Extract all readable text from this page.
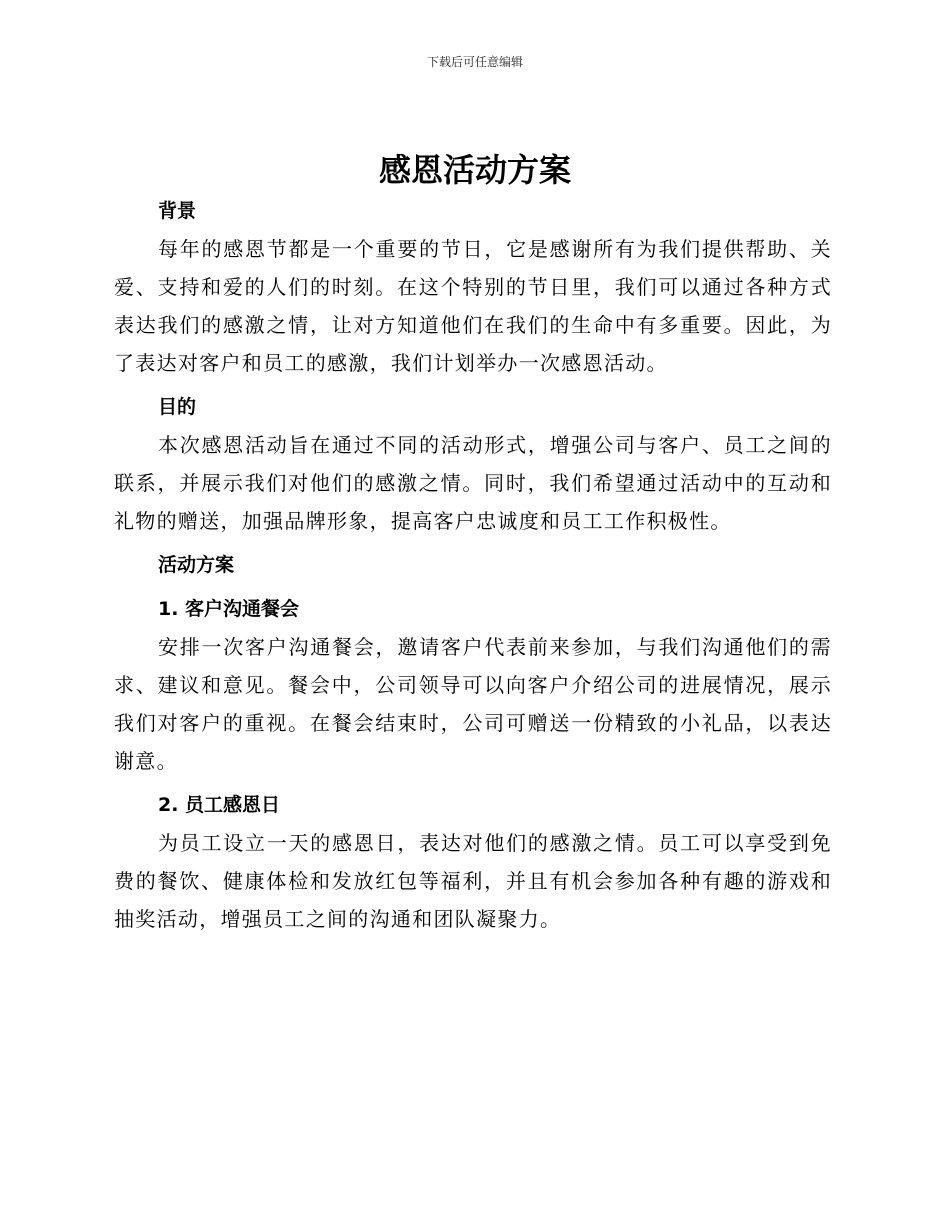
下载后可任意编辑
感恩活动方案
背景

每年的感恩节都是一个重要的节日，它是感谢所有为我们提供帮助、关爱、支持和爱的人们的时刻。在这个特别的节日里，我们可以通过各种方式表达我们的感激之情，让对方知道他们在我们的生命中有多重要。因此，为了表达对客户和员工的感激，我们计划举办一次感恩活动。

目的

本次感恩活动旨在通过不同的活动形式，增强公司与客户、员工之间的联系，并展示我们对他们的感激之情。同时，我们希望通过活动中的互动和礼物的赠送，加强品牌形象，提高客户忠诚度和员工工作积极性。

活动方案
1. 客户沟通餐会

安排一次客户沟通餐会，邀请客户代表前来参加，与我们沟通他们的需求、建议和意见。餐会中，公司领导可以向客户介绍公司的进展情况，展示我们对客户的重视。在餐会结束时，公司可赠送一份精致的小礼品，以表达谢意。

2. 员工感恩日

为员工设立一天的感恩日，表达对他们的感激之情。员工可以享受到免费的餐饮、健康体检和发放红包等福利，并且有机会参加各种有趣的游戏和抽奖活动，增强员工之间的沟通和团队凝聚力。
